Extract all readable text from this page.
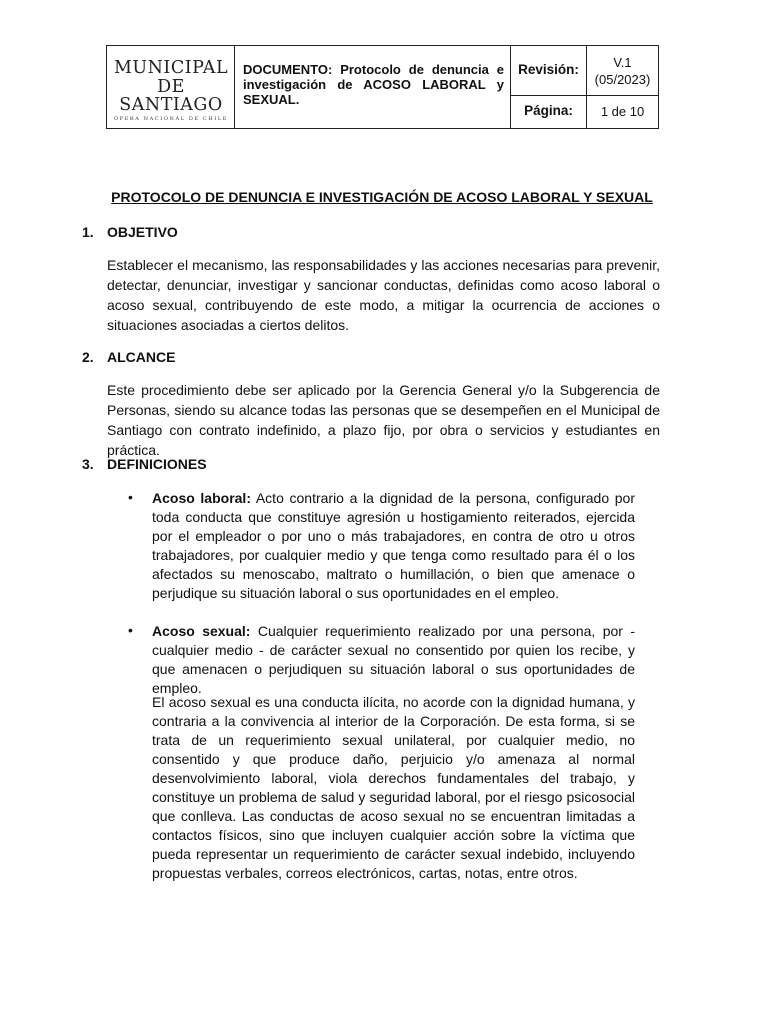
MUNICIPAL
DE
SANTIAGO
ÓPERA NACIONAL DE CHILE
DOCUMENTO: Protocolo de denuncia e investigación de ACOSO LABORAL y SEXUAL.
Revisión:	V.1
(05/2023)
Página:	1 de 10
PROTOCOLO DE DENUNCIA E INVESTIGACIÓN DE ACOSO LABORAL Y SEXUAL
1. OBJETIVO

Establecer el mecanismo, las responsabilidades y las acciones necesarias para prevenir, detectar, denunciar, investigar y sancionar conductas, definidas como acoso laboral o acoso sexual, contribuyendo de este modo, a mitigar la ocurrencia de acciones o situaciones asociadas a ciertos delitos.

2. ALCANCE

Este procedimiento debe ser aplicado por la Gerencia General y/o la Subgerencia de Personas, siendo su alcance todas las personas que se desempeñen en el Municipal de Santiago con contrato indefinido, a plazo fijo, por obra o servicios y estudiantes en práctica.

3. DEFINICIONES
• Acoso laboral: Acto contrario a la dignidad de la persona, configurado por toda conducta que constituye agresión u hostigamiento reiterados, ejercida por el empleador o por uno o más trabajadores, en contra de otro u otros trabajadores, por cualquier medio y que tenga como resultado para él o los afectados su menoscabo, maltrato o humillación, o bien que amenace o perjudique su situación laboral o sus oportunidades en el empleo.

• Acoso sexual: Cualquier requerimiento realizado por una persona, por - cualquier medio - de carácter sexual no consentido por quien los recibe, y que amenacen o perjudiquen su situación laboral o sus oportunidades de empleo.

El acoso sexual es una conducta ilícita, no acorde con la dignidad humana, y contraria a la convivencia al interior de la Corporación. De esta forma, si se trata de un requerimiento sexual unilateral, por cualquier medio, no consentido y que produce daño, perjuicio y/o amenaza al normal desenvolvimiento laboral, viola derechos fundamentales del trabajo, y constituye un problema de salud y seguridad laboral, por el riesgo psicosocial que conlleva. Las conductas de acoso sexual no se encuentran limitadas a contactos físicos, sino que incluyen cualquier acción sobre la víctima que pueda representar un requerimiento de carácter sexual indebido, incluyendo propuestas verbales, correos electrónicos, cartas, notas, entre otros.
